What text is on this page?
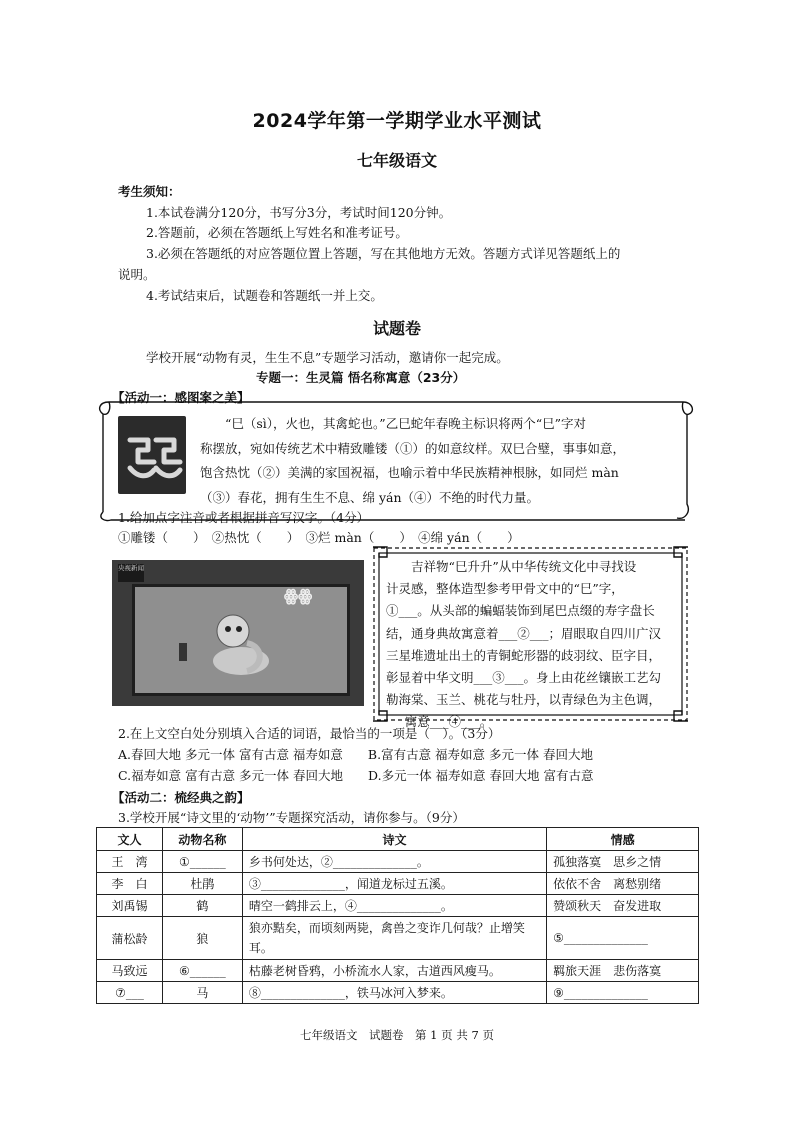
2024学年第一学期学业水平测试
七年级语文
考生须知：
1.本试卷满分120分，书写分3分，考试时间120分钟。
2.答题前，必须在答题纸上写姓名和准考证号。
3.必须在答题纸的对应答题位置上答题，写在其他地方无效。答题方式详见答题纸上的
说明。
4.考试结束后，试题卷和答题纸一并上交。
试题卷
学校开展“动物有灵，生生不息”专题学习活动，邀请你一起完成。
专题一：生灵篇 悟名称寓意（23分）
【活动一：感图案之美】
“巳（sì），火也，其禽蛇也。”乙巳蛇年春晚主标识将两个“巳”字对
称摆放，宛如传统艺术中精致雕镂（①）的如意纹样。双巳合璧，事事如意，
饱含热忱（②）美满的家国祝福，也喻示着中华民族精神根脉，如同烂 màn
（③）春花，拥有生生不息、绵 yán（④）不绝的时代力量。
1.给加点字注音或者根据拼音写汉字。（4分）
①雕镂（　　）　②热忱（　　）　③烂 màn（　　）　④绵 yán（　　）
央视新闻
ꙮꙮ
吉祥物“巳升升”从中华传统文化中寻找设
计灵感，整体造型参考甲骨文中的“巳”字，
①___。从头部的蝙蝠装饰到尾巴点缀的寿字盘长
结，通身典故寓意着___②___；眉眼取自四川广汉
三星堆遗址出土的青铜蛇形器的歧羽纹、臣字目，
彰显着中华文明___③___。身上由花丝镶嵌工艺勾
勒海棠、玉兰、桃花与牡丹，以青绿色为主色调，
寓意___④___。
2.在上文空白处分别填入合适的词语，最恰当的一项是（　）。（3分）
A.春回大地 多元一体 富有古意 福寿如意　　B.富有古意 福寿如意 多元一体 春回大地
C.福寿如意 富有古意 多元一体 春回大地　　D.多元一体 福寿如意 春回大地 富有古意
【活动二：梳经典之韵】
3.学校开展“诗文里的‘动物’”专题探究活动，请你参与。（9分）
文人	动物名称	诗文	情感
王　湾	①______	乡书何处达，②______________。	孤独落寞　思乡之情
李　白	杜鹃	③______________，闻道龙标过五溪。	依依不舍　离愁别绪
刘禹锡	鹤	晴空一鹤排云上，④______________。	赞颂秋天　奋发进取
蒲松龄	狼	狼亦黠矣，而顷刻两毙，禽兽之变诈几何哉？止增笑耳。	⑤______________
马致远	⑥______	枯藤老树昏鸦，小桥流水人家，古道西风瘦马。	羁旅天涯　悲伤落寞
⑦___	马	⑧______________，铁马冰河入梦来。	⑨______________
七年级语文　试题卷　第 1 页 共 7 页
